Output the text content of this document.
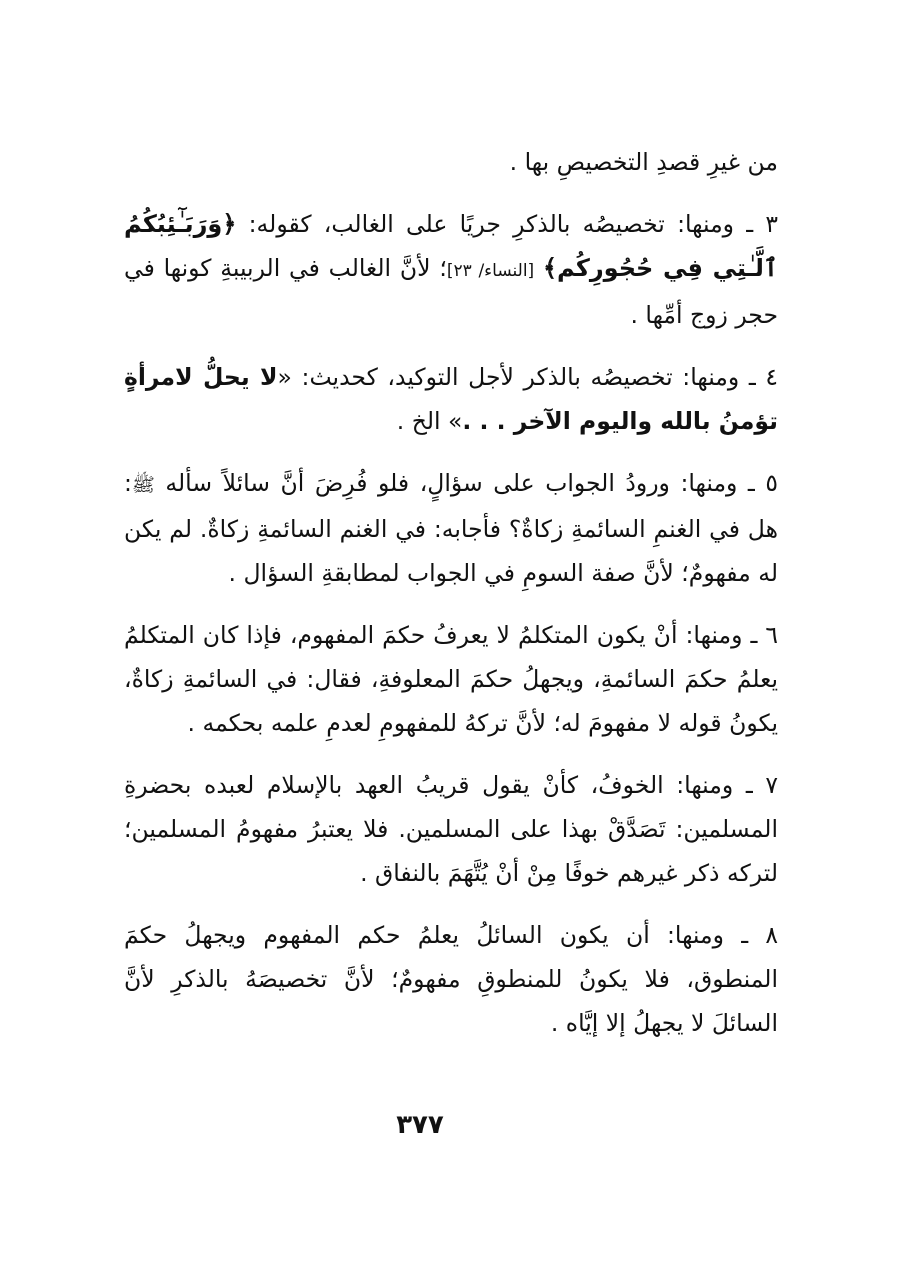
من غيرِ قصدِ التخصيصِ بها .

٣ ـ ومنها: تخصيصُه بالذكرِ جريًا على الغالب، كقوله: ﴿وَرَبَـٰٓئِبُكُمُ ٱلَّـٰتِي فِي حُجُورِكُم﴾ [النساء/ ٢٣]؛ لأنَّ الغالب في الربيبةِ كونها في حجر زوج أمِّها .

٤ ـ ومنها: تخصيصُه بالذكر لأجل التوكيد، كحديث: «لا يحلُّ لامرأةٍ تؤمنُ بالله واليوم الآخر . . .» الخ .

٥ ـ ومنها: ورودُ الجواب على سؤالٍ، فلو فُرِضَ أنَّ سائلاً سأله ﷺ: هل في الغنمِ السائمةِ زكاةٌ؟ فأجابه: في الغنم السائمةِ زكاةٌ. لم يكن له مفهومٌ؛ لأنَّ صفة السومِ في الجواب لمطابقةِ السؤال .

٦ ـ ومنها: أنْ يكون المتكلمُ لا يعرفُ حكمَ المفهوم، فإذا كان المتكلمُ يعلمُ حكمَ السائمةِ، ويجهلُ حكمَ المعلوفةِ، فقال: في السائمةِ زكاةٌ، يكونُ قوله لا مفهومَ له؛ لأنَّ تركهُ للمفهومِ لعدمِ علمه بحكمه .

٧ ـ ومنها: الخوفُ، كأنْ يقول قريبُ العهد بالإسلام لعبده بحضرةِ المسلمين: تَصَدَّقْ بهذا على المسلمين. فلا يعتبرُ مفهومُ المسلمين؛ لتركه ذكر غيرهم خوفًا مِنْ أنْ يُتَّهَمَ بالنفاق .

٨ ـ ومنها: أن يكون السائلُ يعلمُ حكم المفهوم ويجهلُ حكمَ المنطوق، فلا يكونُ للمنطوقِ مفهومٌ؛ لأنَّ تخصيصَهُ بالذكرِ لأنَّ السائلَ لا يجهلُ إلا إيَّاه .

٣٧٧
